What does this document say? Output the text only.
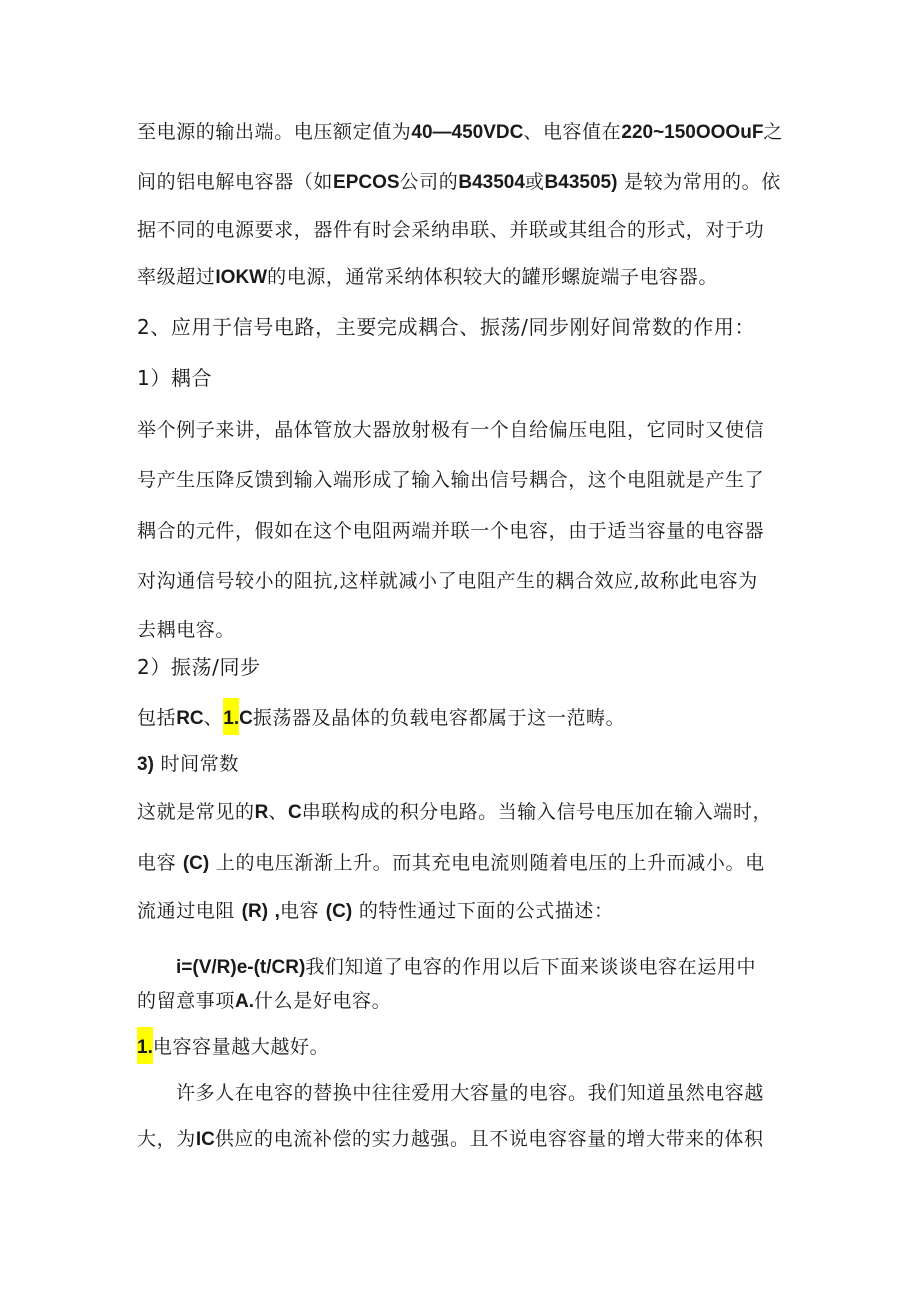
至电源的输出端。电压额定值为40—450VDC、电容值在220~150OOOuF之
间的铝电解电容器（如EPCOS公司的B43504或B43505) 是较为常用的。依
据不同的电源要求，器件有时会采纳串联、并联或其组合的形式，对于功
率级超过IOKW的电源，通常采纳体积较大的罐形螺旋端子电容器。
2、应用于信号电路，主要完成耦合、振荡/同步刚好间常数的作用：
1）耦合
举个例子来讲，晶体管放大器放射极有一个自给偏压电阻，它同时又使信
号产生压降反馈到输入端形成了输入输出信号耦合，这个电阻就是产生了
耦合的元件，假如在这个电阻两端并联一个电容，由于适当容量的电容器
对沟通信号较小的阻抗,这样就减小了电阻产生的耦合效应,故称此电容为
去耦电容。
2）振荡/同步
包括RC、1.C振荡器及晶体的负载电容都属于这一范畴。
3) 时间常数
这就是常见的R、C串联构成的积分电路。当输入信号电压加在输入端时，
电容 (C) 上的电压渐渐上升。而其充电电流则随着电压的上升而减小。电
流通过电阻 (R) ,电容 (C) 的特性通过下面的公式描述：
i=(V/R)e-(t/CR)我们知道了电容的作用以后下面来谈谈电容在运用中
的留意事项A.什么是好电容。
1.电容容量越大越好。
许多人在电容的替换中往往爱用大容量的电容。我们知道虽然电容越
大，为IC供应的电流补偿的实力越强。且不说电容容量的增大带来的体积
